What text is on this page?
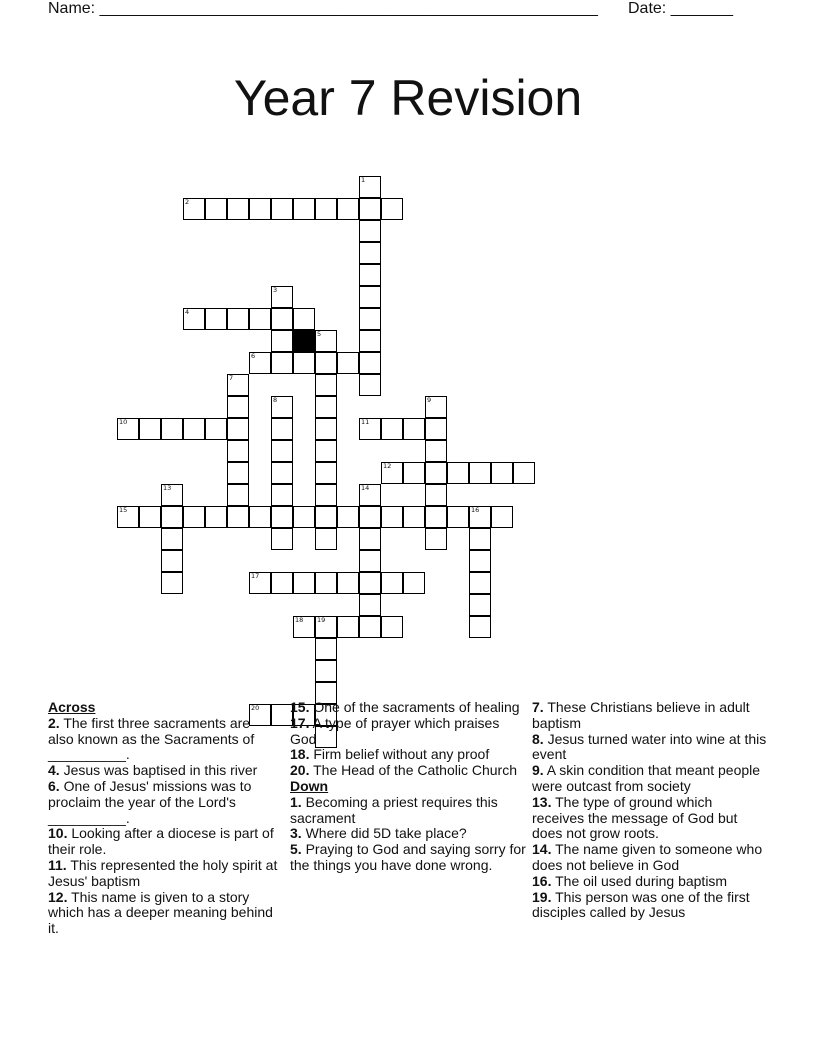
Name: ________________________________________________________ Date: _______
Year 7 Revision
2
4
6
10	11
12
15	16
17
18 19
20
1
3
5
7
8	9
13	14
Across
2. The first three sacraments are also known as the Sacraments of __________.
4. Jesus was baptised in this river
6. One of Jesus' missions was to proclaim the year of the Lord's __________.
10. Looking after a diocese is part of their role.
11. This represented the holy spirit at Jesus' baptism
12. This name is given to a story which has a deeper meaning behind it.
15. One of the sacraments of healing
17. A type of prayer which praises God
18. Firm belief without any proof
20. The Head of the Catholic Church
Down
1. Becoming a priest requires this sacrament
3. Where did 5D take place?
5. Praying to God and saying sorry for the things you have done wrong.
7. These Christians believe in adult baptism
8. Jesus turned water into wine at this event
9. A skin condition that meant people were outcast from society
13. The type of ground which receives the message of God but does not grow roots.
14. The name given to someone who does not believe in God
16. The oil used during baptism
19. This person was one of the first disciples called by Jesus
